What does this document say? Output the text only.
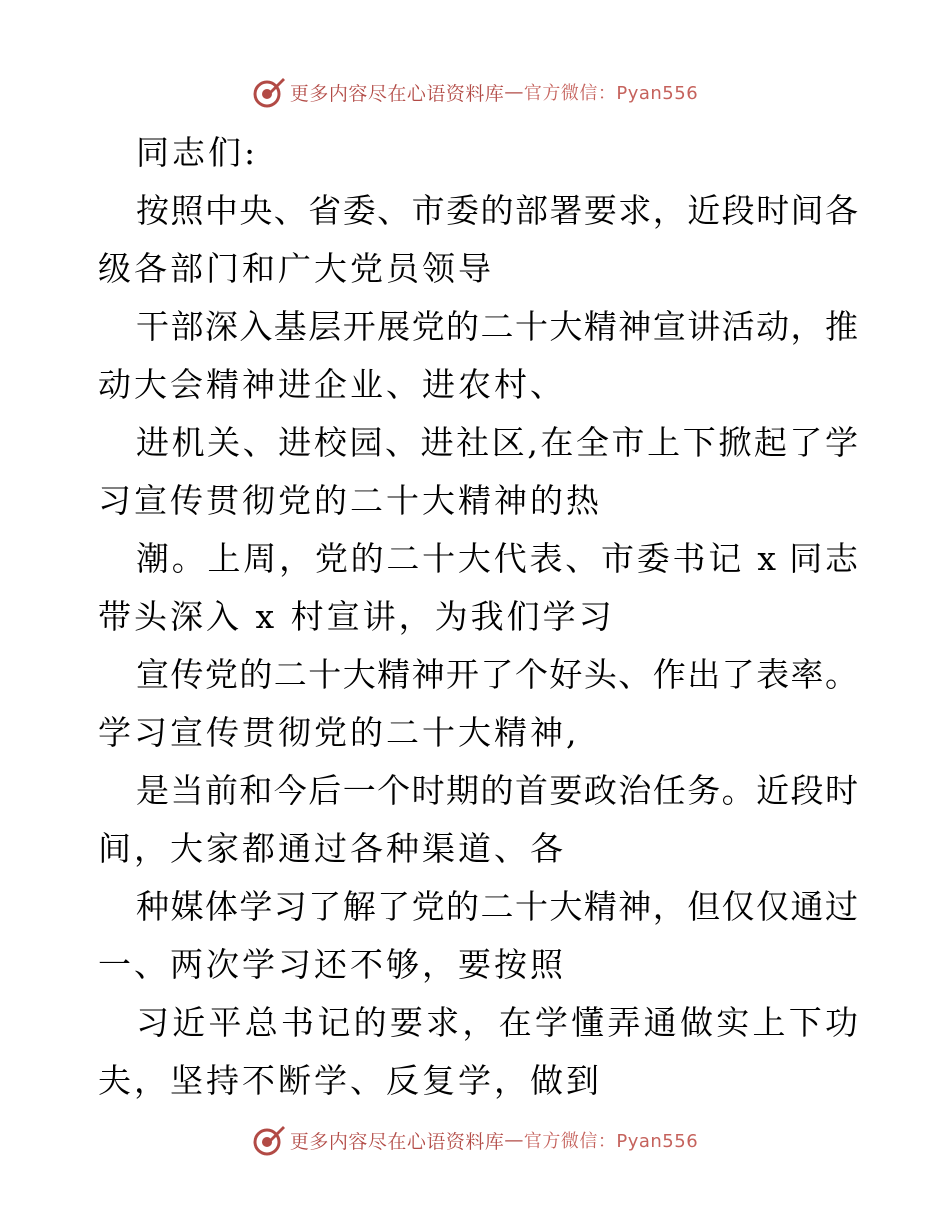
更多内容尽在心语资料库 — 官方微信：Pyan556
同志们:
按照中央、省委、市委的部署要求，近段时间各
级各部门和广大党员领导
干部深入基层开展党的二十大精神宣讲活动，推
动大会精神进企业、进农村、
进机关、进校园、进社区,在全市上下掀起了学
习宣传贯彻党的二十大精神的热
潮。上周，党的二十大代表、市委书记 x 同志
带头深入 x 村宣讲，为我们学习
宣传党的二十大精神开了个好头、作出了表率。
学习宣传贯彻党的二十大精神,
是当前和今后一个时期的首要政治任务。近段时
间，大家都通过各种渠道、各
种媒体学习了解了党的二十大精神，但仅仅通过
一、两次学习还不够，要按照
习近平总书记的要求，在学懂弄通做实上下功
夫，坚持不断学、反复学，做到
更多内容尽在心语资料库 — 官方微信：Pyan556
